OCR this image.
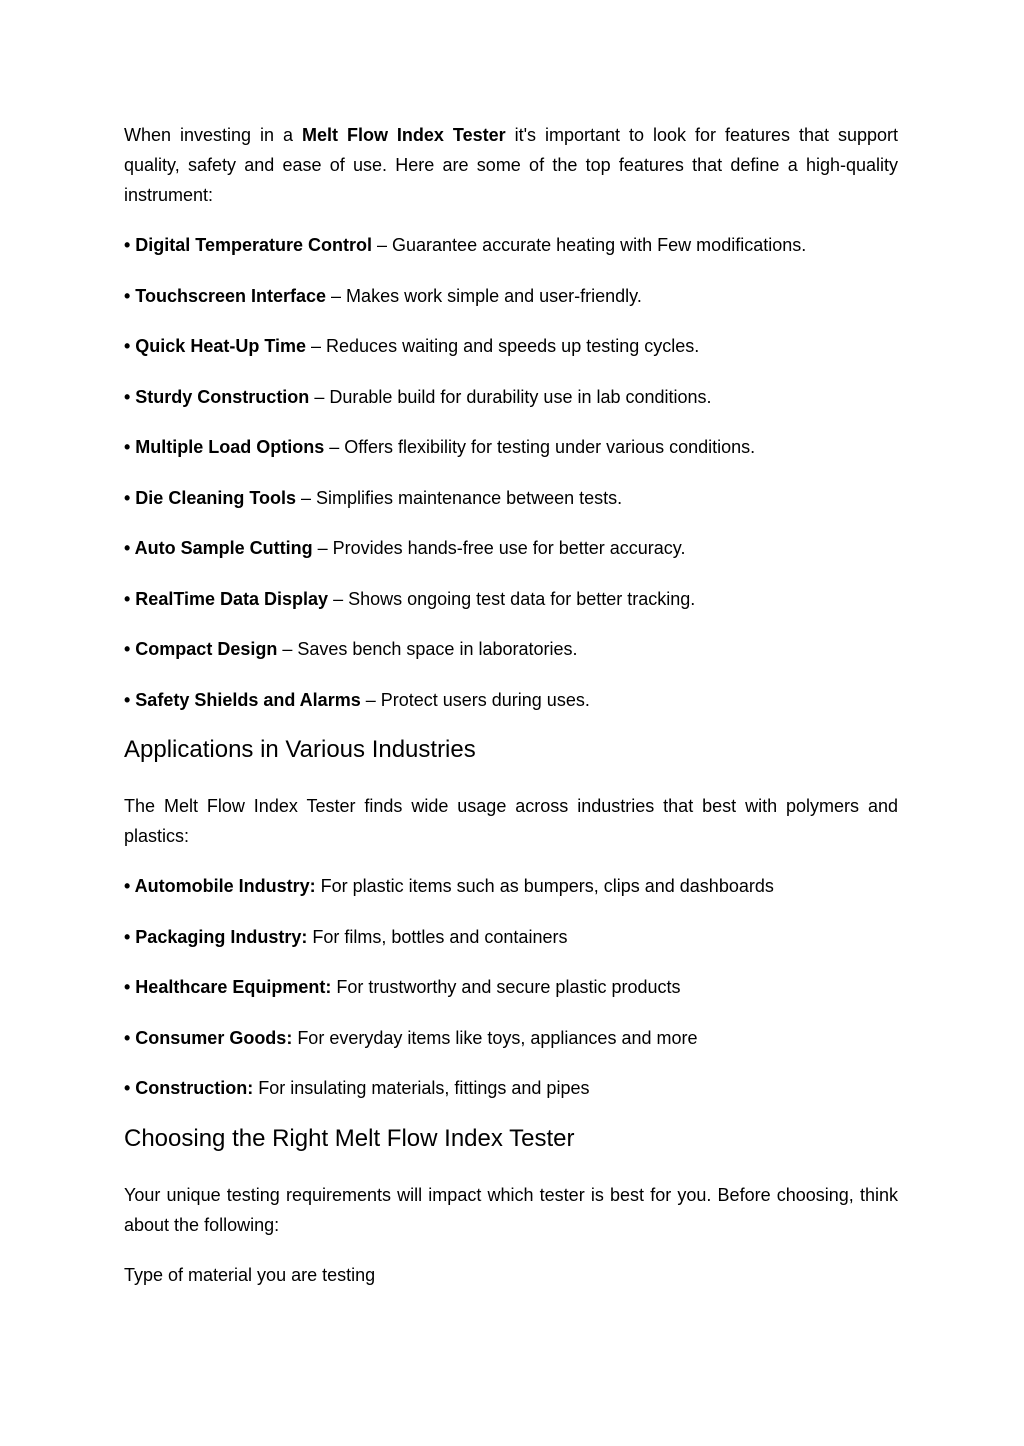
When investing in a Melt Flow Index Tester it's important to look for features that support quality, safety and ease of use. Here are some of the top features that define a high-quality instrument:

• Digital Temperature Control – Guarantee accurate heating with Few modifications.

• Touchscreen Interface – Makes work simple and user-friendly.

• Quick Heat-Up Time – Reduces waiting and speeds up testing cycles.

• Sturdy Construction – Durable build for durability use in lab conditions.

• Multiple Load Options – Offers flexibility for testing under various conditions.

• Die Cleaning Tools – Simplifies maintenance between tests.

• Auto Sample Cutting – Provides hands-free use for better accuracy.

• RealTime Data Display – Shows ongoing test data for better tracking.

• Compact Design – Saves bench space in laboratories.

• Safety Shields and Alarms – Protect users during uses.

Applications in Various Industries

The Melt Flow Index Tester finds wide usage across industries that best with polymers and plastics:

• Automobile Industry: For plastic items such as bumpers, clips and dashboards

• Packaging Industry: For films, bottles and containers

• Healthcare Equipment: For trustworthy and secure plastic products

• Consumer Goods: For everyday items like toys, appliances and more

• Construction: For insulating materials, fittings and pipes

Choosing the Right Melt Flow Index Tester

Your unique testing requirements will impact which tester is best for you. Before choosing, think about the following:

Type of material you are testing
